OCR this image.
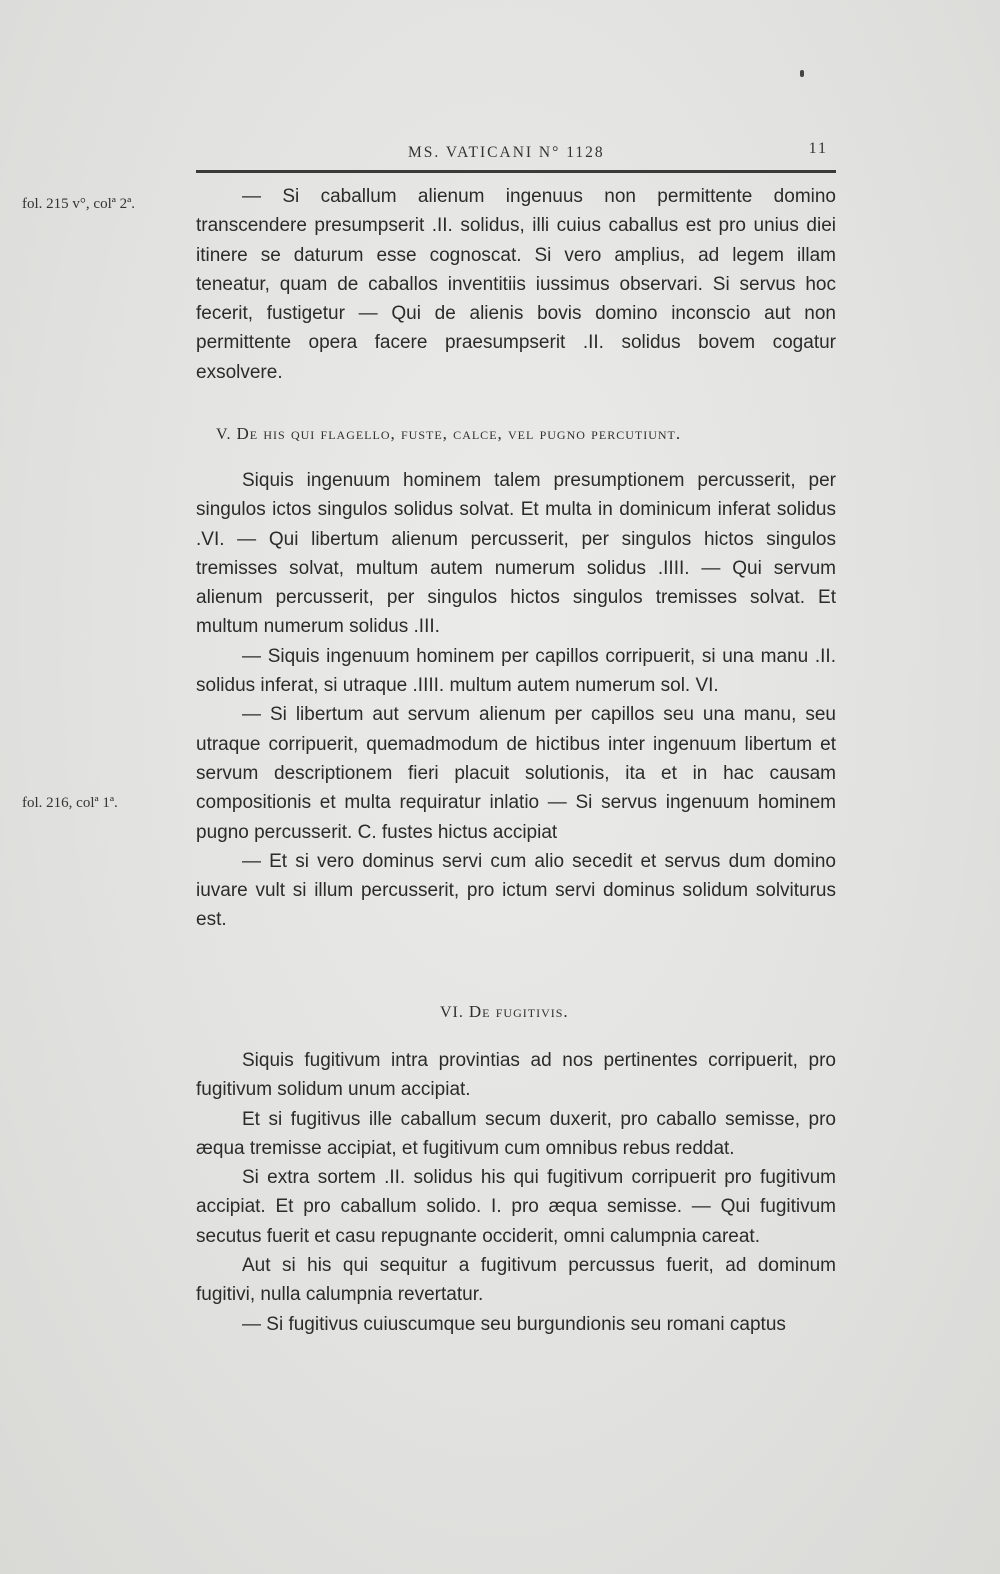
MS. VATICANI N° 1128	11
fol. 215 v°, colª 2ª.
fol. 216, colª 1ª.

— Si caballum alienum ingenuus non permittente domino transcendere presumpserit .II. solidus, illi cuius caballus est pro unius diei itinere se daturum esse cognoscat. Si vero amplius, ad legem illam teneatur, quam de caballos inventitiis iussimus observari. Si servus hoc fecerit, fustigetur — Qui de alienis bovis domino inconscio aut non permittente opera facere praesumpserit .II. solidus bovem cogatur exsolvere.

V. De his qui flagello, fuste, calce, vel pugno percutiunt.

Siquis ingenuum hominem talem presumptionem percusserit, per singulos ictos singulos solidus solvat. Et multa in dominicum inferat solidus .VI. — Qui libertum alienum percusserit, per singulos hictos singulos tremisses solvat, multum autem numerum solidus .IIII. — Qui servum alienum percusserit, per singulos hictos singulos tremisses solvat. Et multum numerum solidus .III.

— Siquis ingenuum hominem per capillos corripuerit, si una manu .II. solidus inferat, si utraque .IIII. multum autem numerum sol. VI.

— Si libertum aut servum alienum per capillos seu una manu, seu utraque corripuerit, quemadmodum de hictibus inter ingenuum libertum et servum descriptionem fieri placuit solutionis, ita et in hac causam compositionis et multa requiratur inlatio — Si servus ingenuum hominem pugno percusserit. C. fustes hictus accipiat

— Et si vero dominus servi cum alio secedit et servus dum domino iuvare vult si illum percusserit, pro ictum servi dominus solidum solviturus est.

VI. De fugitivis.

Siquis fugitivum intra provintias ad nos pertinentes corripuerit, pro fugitivum solidum unum accipiat.

Et si fugitivus ille caballum secum duxerit, pro caballo semisse, pro æqua tremisse accipiat, et fugitivum cum omnibus rebus reddat.

Si extra sortem .II. solidus his qui fugitivum corripuerit pro fugitivum accipiat. Et pro caballum solido. I. pro æqua semisse. — Qui fugitivum secutus fuerit et casu repugnante occiderit, omni calumpnia careat.

Aut si his qui sequitur a fugitivum percussus fuerit, ad dominum fugitivi, nulla calumpnia revertatur.

— Si fugitivus cuiuscumque seu burgundionis seu romani captus
